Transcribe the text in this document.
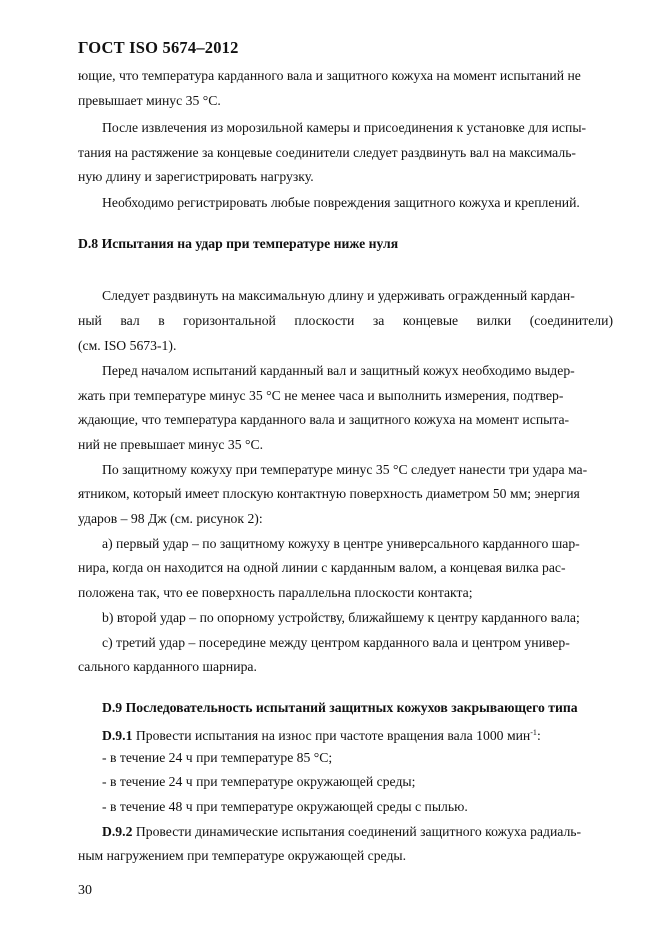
ГОСТ ISO 5674–2012
ющие, что температура карданного вала и защитного кожуха на момент испытаний не
превышает минус 35 °С.
После извлечения из морозильной камеры и присоединения к установке для испы-
тания на растяжение за концевые соединители следует раздвинуть вал на максималь-
ную длину и зарегистрировать нагрузку.
Необходимо регистрировать любые повреждения защитного кожуха и креплений.
D.8 Испытания на удар при температуре ниже нуля
Следует раздвинуть на максимальную длину и удерживать огражденный кардан-
ный вал в горизонтальной плоскости за концевые вилки (соединители)
(см. ISO 5673-1).
Перед началом испытаний карданный вал и защитный кожух необходимо выдер-
жать при температуре минус 35 °С не менее часа и выполнить измерения, подтвер-
ждающие, что температура карданного вала и защитного кожуха на момент испыта-
ний не превышает минус 35 °С.
По защитному кожуху при температуре минус 35 °С следует нанести три удара ма-
ятником, который имеет плоскую контактную поверхность диаметром 50 мм; энергия
ударов – 98 Дж (см. рисунок 2):
а) первый удар – по защитному кожуху в центре универсального карданного шар-
нира, когда он находится на одной линии с карданным валом, а концевая вилка рас-
положена так, что ее поверхность параллельна плоскости контакта;
b) второй удар – по опорному устройству, ближайшему к центру карданного вала;
с) третий удар – посередине между центром карданного вала и центром универ-
сального карданного шарнира.
D.9 Последовательность испытаний защитных кожухов закрывающего типа
D.9.1 Провести испытания на износ при частоте вращения вала 1000 мин$^{-1}$:
- в течение 24 ч при температуре 85 °С;
- в течение 24 ч при температуре окружающей среды;
- в течение 48 ч при температуре окружающей среды с пылью.
D.9.2 Провести динамические испытания соединений защитного кожуха радиаль-
ным нагружением при температуре окружающей среды.
30
